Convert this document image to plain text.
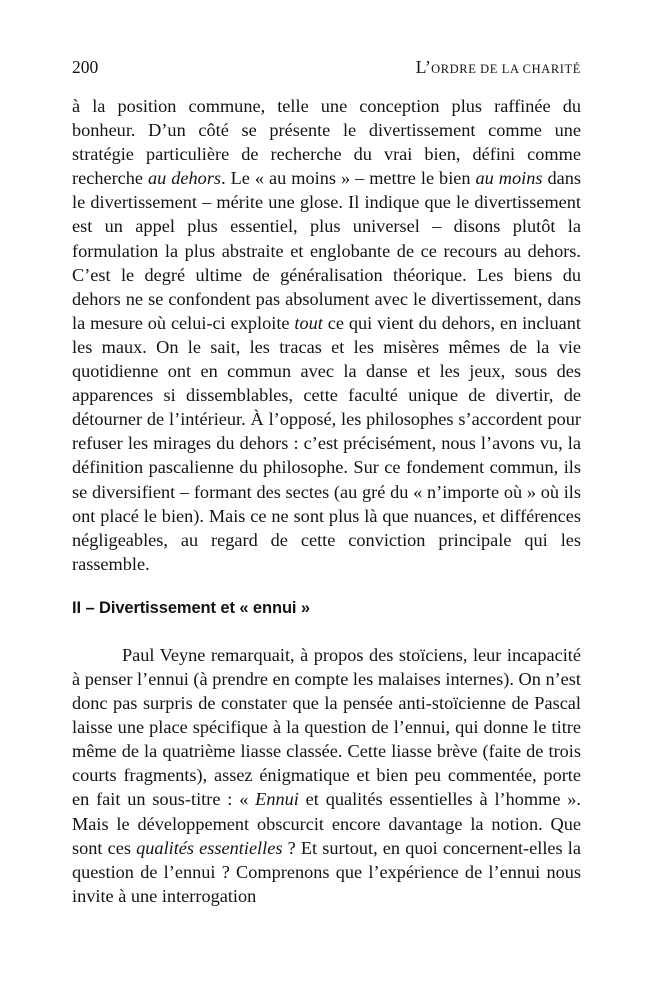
200	L’ORDRE DE LA CHARITÉ

à la position commune, telle une conception plus raffinée du bonheur. D’un côté se présente le divertissement comme une stratégie particulière de recherche du vrai bien, défini comme recherche au dehors. Le « au moins » – mettre le bien au moins dans le divertissement – mérite une glose. Il indique que le divertissement est un appel plus essentiel, plus universel – disons plutôt la formulation la plus abstraite et englobante de ce recours au dehors. C’est le degré ultime de généralisation théorique. Les biens du dehors ne se confondent pas absolument avec le divertissement, dans la mesure où celui-ci exploite tout ce qui vient du dehors, en incluant les maux. On le sait, les tracas et les misères mêmes de la vie quotidienne ont en commun avec la danse et les jeux, sous des apparences si dissemblables, cette faculté unique de divertir, de détourner de l’intérieur. À l’opposé, les philosophes s’accordent pour refuser les mirages du dehors : c’est précisément, nous l’avons vu, la définition pascalienne du philosophe. Sur ce fondement commun, ils se diversifient – formant des sectes (au gré du « n’importe où » où ils ont placé le bien). Mais ce ne sont plus là que nuances, et différences négligeables, au regard de cette conviction principale qui les rassemble.

II – Divertissement et « ennui »

Paul Veyne remarquait, à propos des stoïciens, leur incapacité à penser l’ennui (à prendre en compte les malaises internes). On n’est donc pas surpris de constater que la pensée anti-stoïcienne de Pascal laisse une place spécifique à la question de l’ennui, qui donne le titre même de la quatrième liasse classée. Cette liasse brève (faite de trois courts fragments), assez énigmatique et bien peu commentée, porte en fait un sous-titre : « Ennui et qualités essentielles à l’homme ». Mais le développement obscurcit encore davantage la notion. Que sont ces qualités essentielles ? Et surtout, en quoi concernent-elles la question de l’ennui ? Comprenons que l’expérience de l’ennui nous invite à une interrogation
